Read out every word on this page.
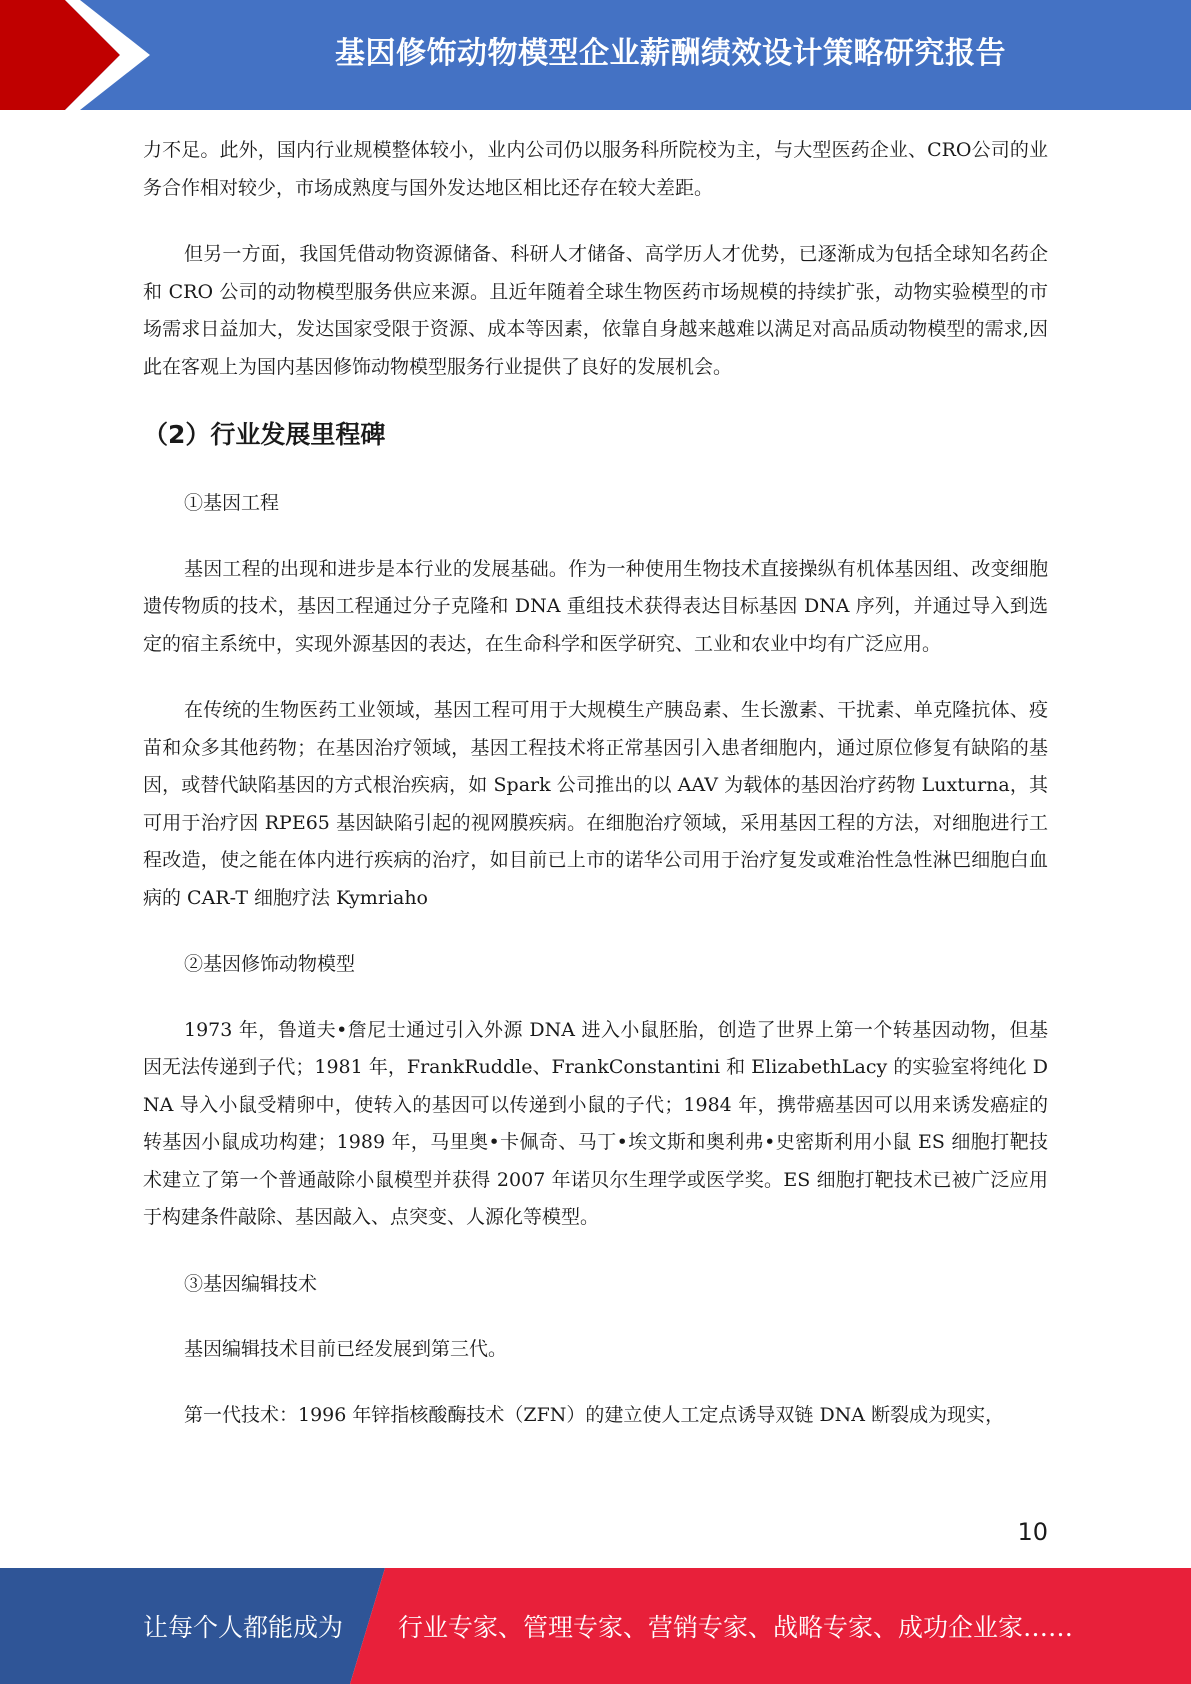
基因修饰动物模型企业薪酬绩效设计策略研究报告

力不足。此外，国内行业规模整体较小，业内公司仍以服务科所院校为主，与大型医药企业、CRO公司的业务合作相对较少，市场成熟度与国外发达地区相比还存在较大差距。

但另一方面，我国凭借动物资源储备、科研人才储备、高学历人才优势，已逐渐成为包括全球知名药企和 CRO 公司的动物模型服务供应来源。且近年随着全球生物医药市场规模的持续扩张，动物实验模型的市场需求日益加大，发达国家受限于资源、成本等因素，依靠自身越来越难以满足对高品质动物模型的需求,因此在客观上为国内基因修饰动物模型服务行业提供了良好的发展机会。

（2）行业发展里程碑
①基因工程

基因工程的出现和进步是本行业的发展基础。作为一种使用生物技术直接操纵有机体基因组、改变细胞遗传物质的技术，基因工程通过分子克隆和 DNA 重组技术获得表达目标基因 DNA 序列，并通过导入到选定的宿主系统中，实现外源基因的表达，在生命科学和医学研究、工业和农业中均有广泛应用。

在传统的生物医药工业领域，基因工程可用于大规模生产胰岛素、生长激素、干扰素、单克隆抗体、疫苗和众多其他药物；在基因治疗领域，基因工程技术将正常基因引入患者细胞内，通过原位修复有缺陷的基因，或替代缺陷基因的方式根治疾病，如 Spark 公司推出的以 AAV 为载体的基因治疗药物 Luxturna，其可用于治疗因 RPE65 基因缺陷引起的视网膜疾病。在细胞治疗领域，采用基因工程的方法，对细胞进行工程改造，使之能在体内进行疾病的治疗，如目前已上市的诺华公司用于治疗复发或难治性急性淋巴细胞白血病的 CAR-T 细胞疗法 Kymriaho

②基因修饰动物模型

1973 年，鲁道夫•詹尼士通过引入外源 DNA 进入小鼠胚胎，创造了世界上第一个转基因动物，但基因无法传递到子代；1981 年，FrankRuddle、FrankConstantini 和 ElizabethLacy 的实验室将纯化 DNA 导入小鼠受精卵中，使转入的基因可以传递到小鼠的子代；1984 年，携带癌基因可以用来诱发癌症的转基因小鼠成功构建；1989 年，马里奥•卡佩奇、马丁•埃文斯和奥利弗•史密斯利用小鼠 ES 细胞打靶技术建立了第一个普通敲除小鼠模型并获得 2007 年诺贝尔生理学或医学奖。ES 细胞打靶技术已被广泛应用于构建条件敲除、基因敲入、点突变、人源化等模型。

③基因编辑技术

基因编辑技术目前已经发展到第三代。

第一代技术：1996 年锌指核酸酶技术（ZFN）的建立使人工定点诱导双链 DNA 断裂成为现实，

10
让每个人都能成为 行业专家、管理专家、营销专家、战略专家、成功企业家……
